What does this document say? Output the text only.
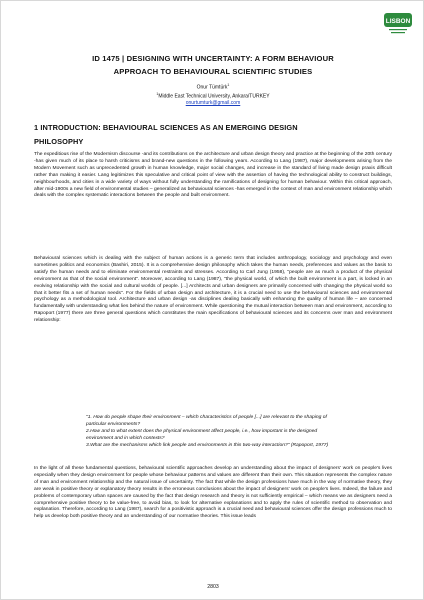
LISBON
ID 1475 | DESIGNING WITH UNCERTAINTY: A FORM BEHAVIOUR
APPROACH TO BEHAVIOURAL SCIENTIFIC STUDIES
Onur Tümtürk$^1$
$^1$Middle East Technical University, Ankara/TURKEY
onurtumturk@gmail.com
1 INTRODUCTION: BEHAVIOURAL SCIENCES AS AN EMERGING DESIGN
PHILOSOPHY
The expeditious rise of the Modernism discourse -and its contributions on the architecture and urban design theory and practice at the beginning of the 20th century -has given much of its place to harsh criticisms and brand-new questions in the following years. According to Lang (1987), major developments arising from the Modern Movement such as unprecedented growth in human knowledge, major social changes, and increase in the standard of living made design praxis difficult rather than making it easier. Lang legitimizes this speculative and critical point of view with the assertion of having the technological ability to construct buildings, neighbourhoods, and cities in a wide variety of ways without fully understanding the ramifications of designing for human behaviour. Within this critical approach, after mid-1900s a new field of environmental studies – generalized as behavioural sciences -has emerged in the context of man and environment relationship which deals with the complex systematic interactions between the people and built environment.
Behavioural sciences which is dealing with the subject of human actions is a generic term that includes anthropology, sociology and psychology and even sometimes politics and economics (Bashiri, 2015). It is a comprehensive design philosophy which takes the human needs, preferences and values as the basis to satisfy the human needs and to eliminate environmental restraints and stresses. According to Carl Jung (1958), "people are as much a product of the physical environment as that of the social environment". Moreover, according to Lang (1987), "the physical world, of which the built environment is a part, is locked in an evolving relationship with the social and cultural worlds of people. [...] Architects and urban designers are primarily concerned with changing the physical world so that it better fits a set of human needs". For the fields of urban design and architecture, it is a crucial need to use the behavioural sciences and environmental psychology as a methodological tool. Architecture and urban design -as disciplines dealing basically with enhancing the quality of human life – are concerned fundamentally with understanding what lies behind the nature of environment. While questioning the mutual interaction between man and environment, according to Rapoport (1977) there are three general questions which constitutes the main specifications of behavioural sciences and its concerns over man and environment relationship:
"1. How do people shape their environment – which characteristics of people [...] are relevant to the shaping of particular environments?
2.How and to what extent does the physical environment affect people, i.e., how important is the designed environment and in which contexts?
3.What are the mechanisms which link people and environments in this two-way interaction?" (Rapoport, 1977)
In the light of all these fundamental questions, behavioural scientific approaches develop an understanding about the impact of designers' work on people's lives especially when they design environment for people whose behaviour patterns and values are different than their own. This situation represents the complex nature of man and environment relationship and the natural issue of uncertainty. The fact that while the design professions have much in the way of normative theory, they are weak in positive theory or explanatory theory results in the erroneous conclusions about the impact of designers' work on people's lives. Indeed, the failure and problems of contemporary urban spaces are caused by the fact that design research and theory is not sufficiently empirical – which means we as designers need a comprehensive positive theory to be value-free, to avoid bias, to look for alternative explanations and to apply the rules of scientific method to observation and explanation. Therefore, according to Lang (1987), search for a positivistic approach is a crucial need and behavioural sciences offer the design professions much to help us develop both positive theory and an understanding of our normative theories. This issue leads
2803
